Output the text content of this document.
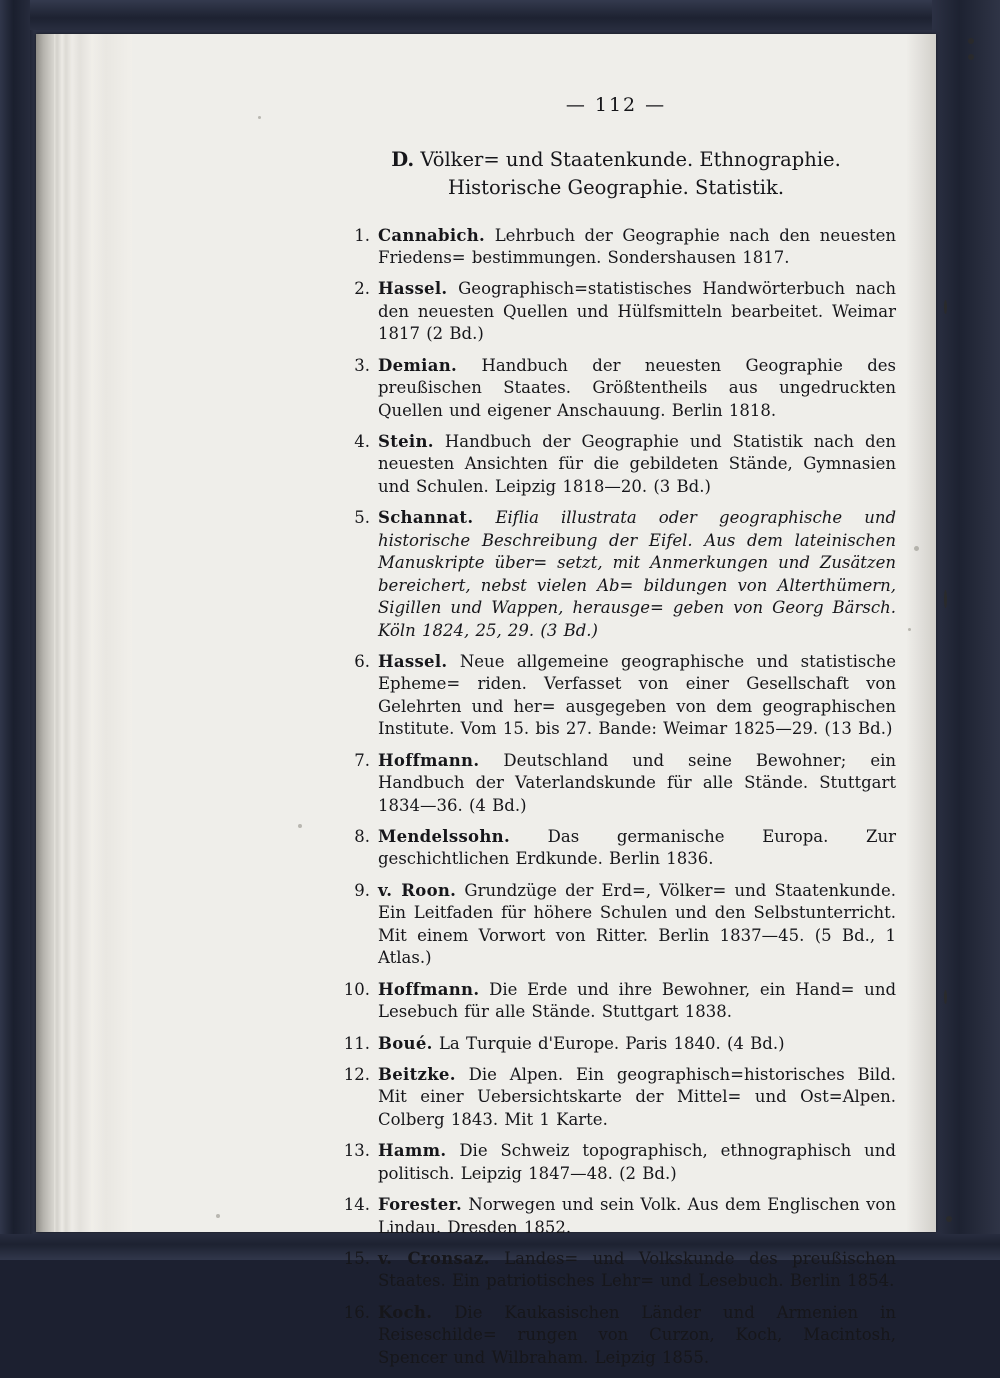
— 112 —
D. Völker= und Staatenkunde. Ethnographie.
Historische Geographie. Statistik.
1. Cannabich. Lehrbuch der Geographie nach den neuesten Friedens= bestimmungen. Sondershausen 1817.
2. Hassel. Geographisch=statistisches Handwörterbuch nach den neuesten Quellen und Hülfsmitteln bearbeitet. Weimar 1817 (2 Bd.)
3. Demian. Handbuch der neuesten Geographie des preußischen Staates. Größtentheils aus ungedruckten Quellen und eigener Anschauung. Berlin 1818.
4. Stein. Handbuch der Geographie und Statistik nach den neuesten Ansichten für die gebildeten Stände, Gymnasien und Schulen. Leipzig 1818—20. (3 Bd.)
5. Schannat. Eiflia illustrata oder geographische und historische Beschreibung der Eifel. Aus dem lateinischen Manuskripte über= setzt, mit Anmerkungen und Zusätzen bereichert, nebst vielen Ab= bildungen von Alterthümern, Sigillen und Wappen, herausge= geben von Georg Bärsch. Köln 1824, 25, 29. (3 Bd.)
6. Hassel. Neue allgemeine geographische und statistische Epheme= riden. Verfasset von einer Gesellschaft von Gelehrten und her= ausgegeben von dem geographischen Institute. Vom 15. bis 27. Bande: Weimar 1825—29. (13 Bd.)
7. Hoffmann. Deutschland und seine Bewohner; ein Handbuch der Vaterlandskunde für alle Stände. Stuttgart 1834—36. (4 Bd.)
8. Mendelssohn. Das germanische Europa. Zur geschichtlichen Erdkunde. Berlin 1836.
9. v. Roon. Grundzüge der Erd=, Völker= und Staatenkunde. Ein Leitfaden für höhere Schulen und den Selbstunterricht. Mit einem Vorwort von Ritter. Berlin 1837—45. (5 Bd., 1 Atlas.)
10. Hoffmann. Die Erde und ihre Bewohner, ein Hand= und Lesebuch für alle Stände. Stuttgart 1838.
11. Boué. La Turquie d'Europe. Paris 1840. (4 Bd.)
12. Beitzke. Die Alpen. Ein geographisch=historisches Bild. Mit einer Uebersichtskarte der Mittel= und Ost=Alpen. Colberg 1843. Mit 1 Karte.
13. Hamm. Die Schweiz topographisch, ethnographisch und politisch. Leipzig 1847—48. (2 Bd.)
14. Forester. Norwegen und sein Volk. Aus dem Englischen von Lindau. Dresden 1852.
15. v. Cronsaz. Landes= und Volkskunde des preußischen Staates. Ein patriotisches Lehr= und Lesebuch. Berlin 1854.
16. Koch. Die Kaukasischen Länder und Armenien in Reiseschilde= rungen von Curzon, Koch, Macintosh, Spencer und Wilbraham. Leipzig 1855.
